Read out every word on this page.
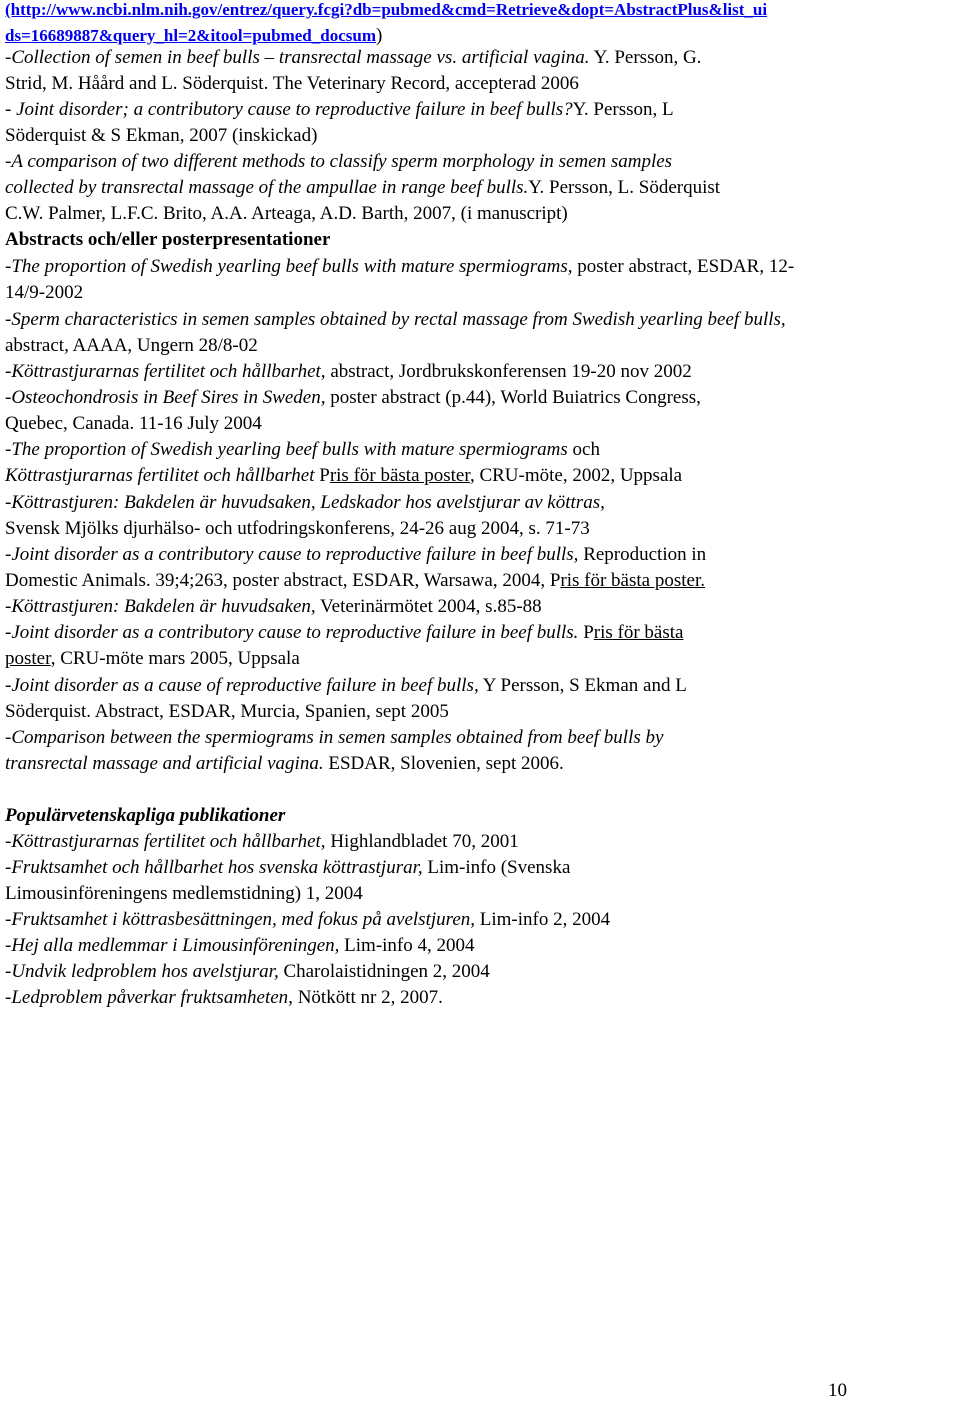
(http://www.ncbi.nlm.nih.gov/entrez/query.fcgi?db=pubmed&cmd=Retrieve&dopt=AbstractPlus&list_ui
ds=16689887&query_hl=2&itool=pubmed_docsum)
-Collection of semen in beef bulls – transrectal massage vs. artificial vagina. Y. Persson, G.
Strid, M. Håård and L. Söderquist. The Veterinary Record, accepterad 2006
- Joint disorder; a contributory cause to reproductive failure in beef bulls?Y. Persson, L
Söderquist & S Ekman, 2007 (inskickad)
-A comparison of two different methods to classify sperm morphology in semen samples
collected by transrectal massage of the ampullae in range beef bulls.Y. Persson, L. Söderquist
C.W. Palmer, L.F.C. Brito, A.A. Arteaga, A.D. Barth, 2007, (i manuscript)
Abstracts och/eller posterpresentationer
-The proportion of Swedish yearling beef bulls with mature spermiograms, poster abstract, ESDAR, 12-
14/9-2002
-Sperm characteristics in semen samples obtained by rectal massage from Swedish yearling beef bulls,
abstract, AAAA, Ungern 28/8-02
-Köttrastjurarnas fertilitet och hållbarhet, abstract, Jordbrukskonferensen 19-20 nov 2002
-Osteochondrosis in Beef Sires in Sweden, poster abstract (p.44), World Buiatrics Congress,
Quebec, Canada. 11-16 July 2004
-The proportion of Swedish yearling beef bulls with mature spermiograms och
Köttrastjurarnas fertilitet och hållbarhet Pris för bästa poster, CRU-möte, 2002, Uppsala
-Köttrastjuren: Bakdelen är huvudsaken, Ledskador hos avelstjurar av köttras,
Svensk Mjölks djurhälso- och utfodringskonferens, 24-26 aug 2004, s. 71-73
-Joint disorder as a contributory cause to reproductive failure in beef bulls, Reproduction in
Domestic Animals. 39;4;263, poster abstract, ESDAR, Warsawa, 2004, Pris för bästa poster.
-Köttrastjuren: Bakdelen är huvudsaken, Veterinärmötet 2004, s.85-88
-Joint disorder as a contributory cause to reproductive failure in beef bulls. Pris för bästa
poster, CRU-möte mars 2005, Uppsala
-Joint disorder as a cause of reproductive failure in beef bulls, Y Persson, S Ekman and L
Söderquist. Abstract, ESDAR, Murcia, Spanien, sept 2005
-Comparison between the spermiograms in semen samples obtained from beef bulls by
transrectal massage and artificial vagina. ESDAR, Slovenien, sept 2006.
Populärvetenskapliga publikationer
-Köttrastjurarnas fertilitet och hållbarhet, Highlandbladet 70, 2001
-Fruktsamhet och hållbarhet hos svenska köttrastjurar, Lim-info (Svenska
Limousinföreningens medlemstidning) 1, 2004
-Fruktsamhet i köttrasbesättningen, med fokus på avelstjuren, Lim-info 2, 2004
-Hej alla medlemmar i Limousinföreningen, Lim-info 4, 2004
-Undvik ledproblem hos avelstjurar, Charolaistidningen 2, 2004
-Ledproblem påverkar fruktsamheten, Nötkött nr 2, 2007.
10
